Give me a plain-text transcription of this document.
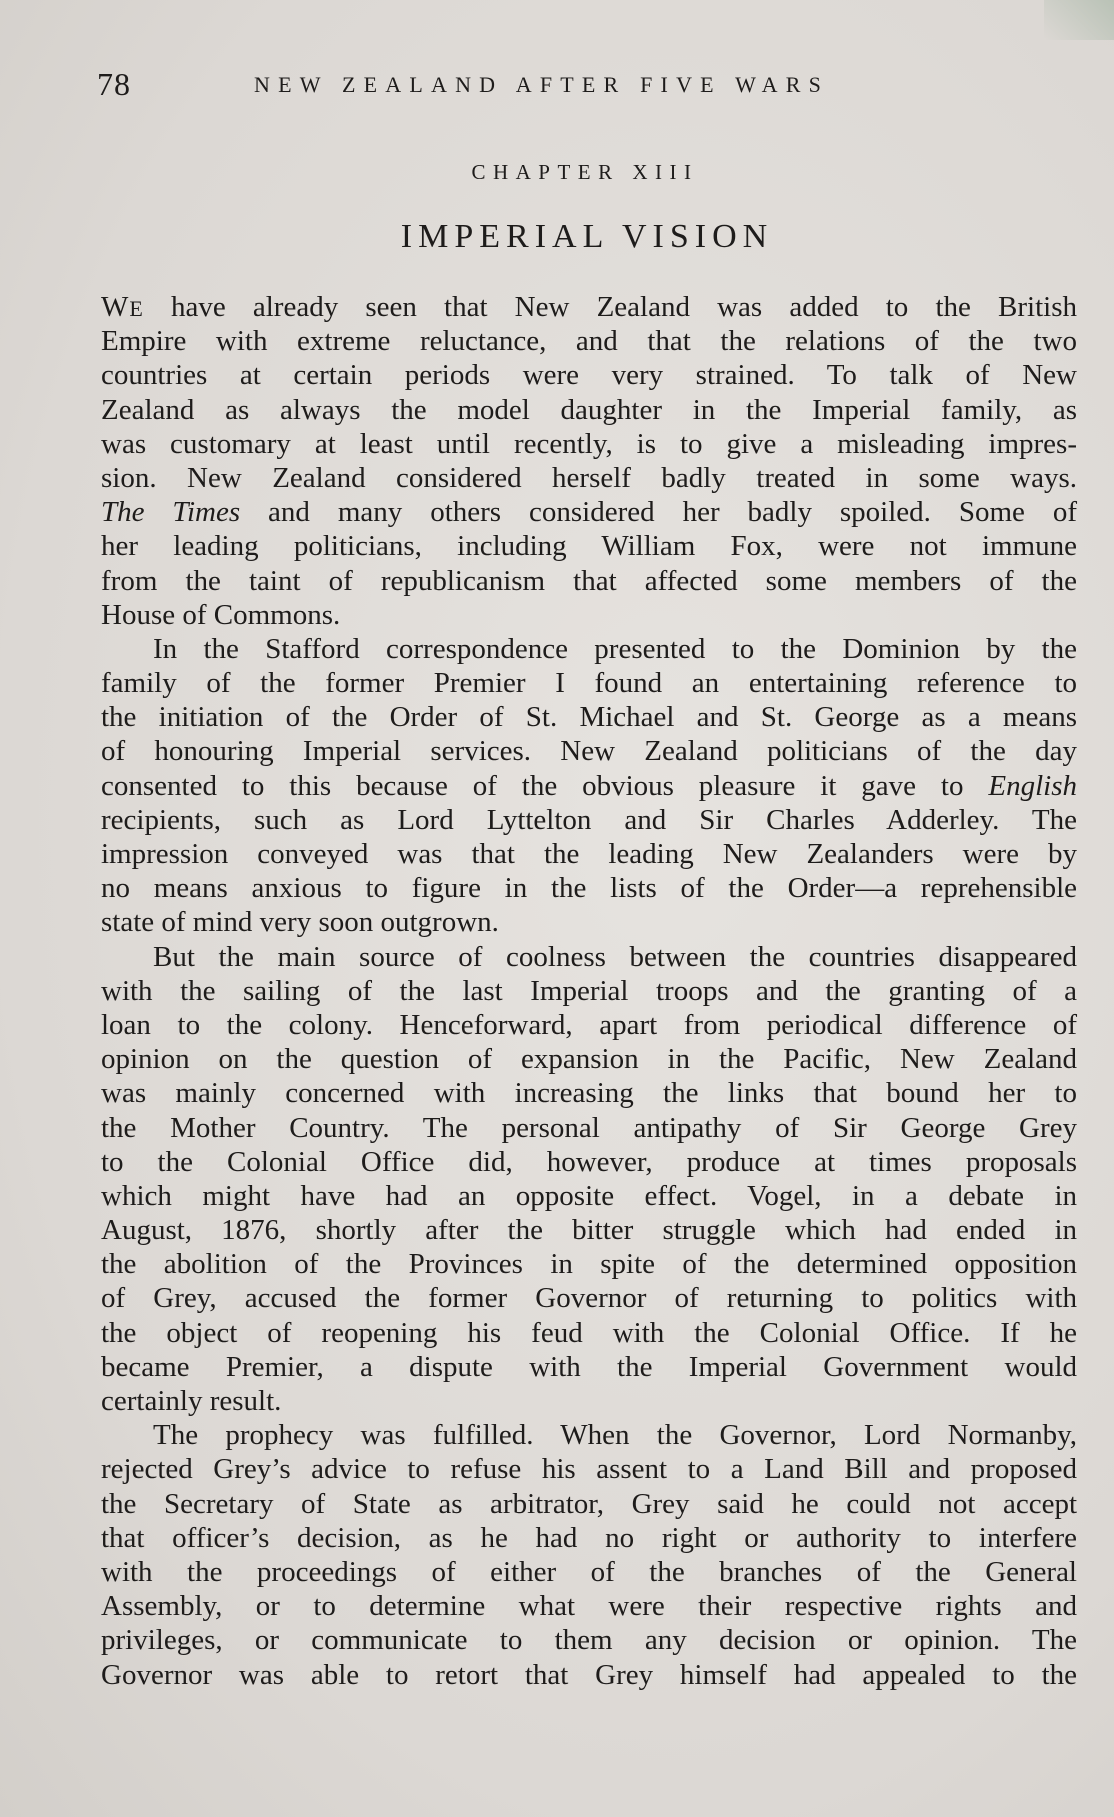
78	NEW ZEALAND AFTER FIVE WARS
CHAPTER XIII
IMPERIAL VISION
WE have already seen that New Zealand was added to the British
Empire with extreme reluctance, and that the relations of the two
countries at certain periods were very strained. To talk of New
Zealand as always the model daughter in the Imperial family, as
was customary at least until recently, is to give a misleading impres-
sion. New Zealand considered herself badly treated in some ways.
The Times and many others considered her badly spoiled. Some of
her leading politicians, including William Fox, were not immune
from the taint of republicanism that affected some members of the
House of Commons.
In the Stafford correspondence presented to the Dominion by the
family of the former Premier I found an entertaining reference to
the initiation of the Order of St. Michael and St. George as a means
of honouring Imperial services. New Zealand politicians of the day
consented to this because of the obvious pleasure it gave to English
recipients, such as Lord Lyttelton and Sir Charles Adderley. The
impression conveyed was that the leading New Zealanders were by
no means anxious to figure in the lists of the Order—a reprehensible
state of mind very soon outgrown.
But the main source of coolness between the countries disappeared
with the sailing of the last Imperial troops and the granting of a
loan to the colony. Henceforward, apart from periodical difference of
opinion on the question of expansion in the Pacific, New Zealand
was mainly concerned with increasing the links that bound her to
the Mother Country. The personal antipathy of Sir George Grey
to the Colonial Office did, however, produce at times proposals
which might have had an opposite effect. Vogel, in a debate in
August, 1876, shortly after the bitter struggle which had ended in
the abolition of the Provinces in spite of the determined opposition
of Grey, accused the former Governor of returning to politics with
the object of reopening his feud with the Colonial Office. If he
became Premier, a dispute with the Imperial Government would
certainly result.
The prophecy was fulfilled. When the Governor, Lord Normanby,
rejected Grey’s advice to refuse his assent to a Land Bill and proposed
the Secretary of State as arbitrator, Grey said he could not accept
that officer’s decision, as he had no right or authority to interfere
with the proceedings of either of the branches of the General
Assembly, or to determine what were their respective rights and
privileges, or communicate to them any decision or opinion. The
Governor was able to retort that Grey himself had appealed to the
